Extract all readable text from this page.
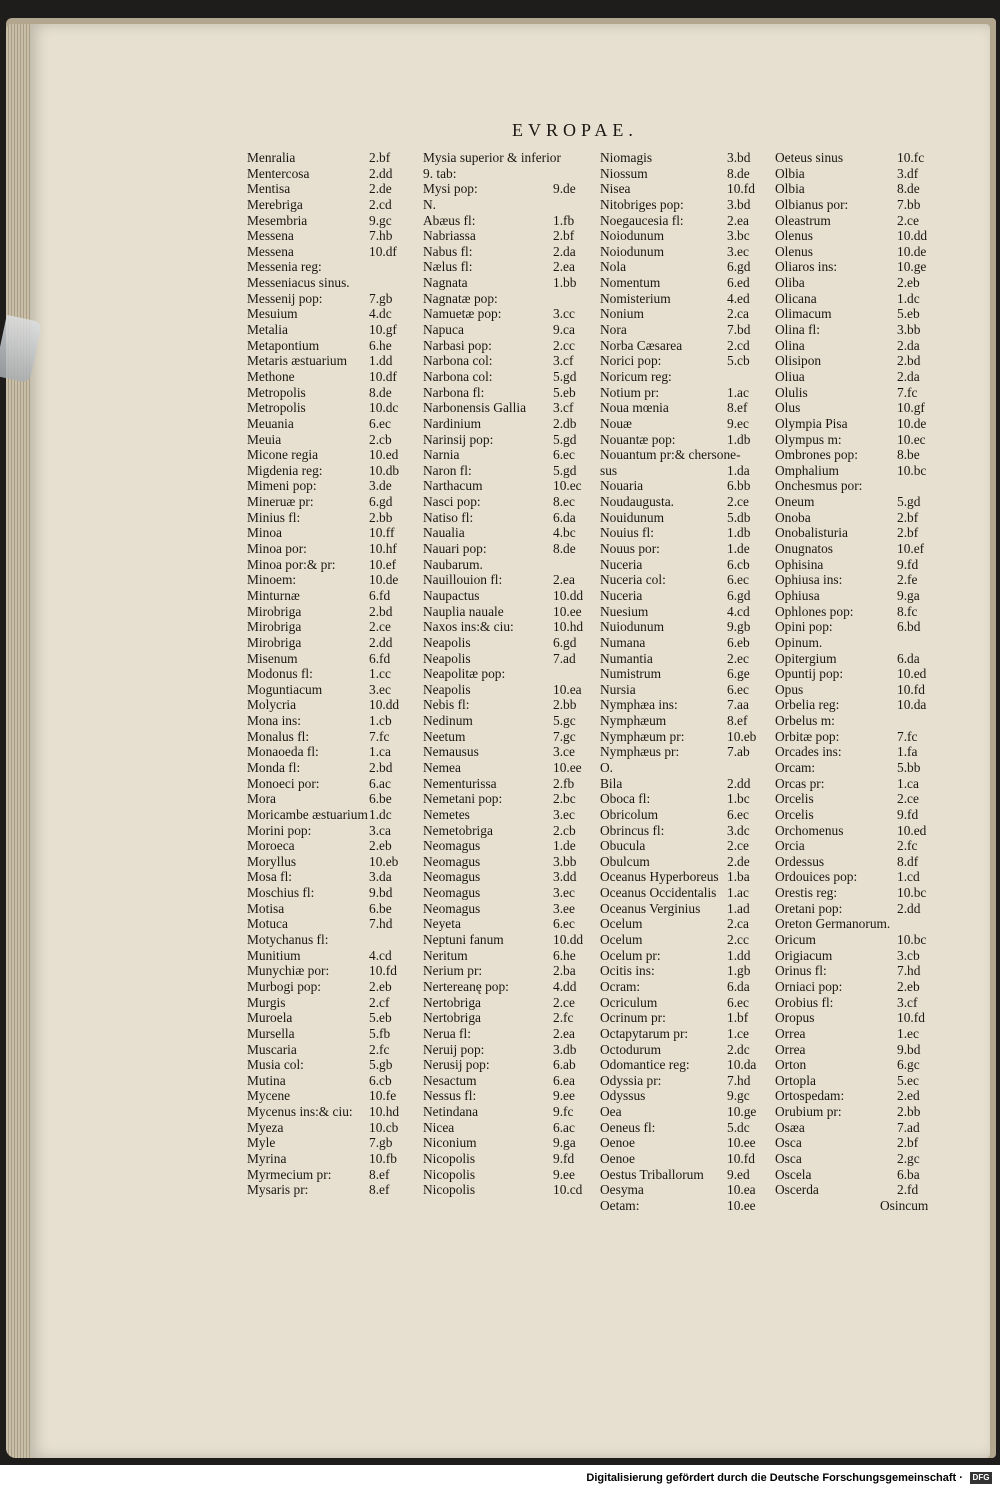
EVROPAE.
Menralia	2.bf
Mentercosa	2.dd
Mentisa	2.de
Merebriga	2.cd
Mesembria	9.gc
Messena	7.hb
Messena	10.df
Messenia reg:
Messeniacus sinus.
Messenij pop:	7.gb
Mesuium	4.dc
Metalia	10.gf
Metapontium	6.he
Metaris æstuarium 1.dd
Methone	10.df
Metropolis	8.de
Metropolis	10.dc
Meuania	6.ec
Meuia	2.cb
Micone regia	10.ed
Migdenia reg:	10.db
Mimeni pop:	3.de
Mineruæ pr:	6.gd
Minius fl:	2.bb
Minoa	10.ff
Minoa por:	10.hf
Minoa por:& pr: 10.ef
Minoem:	10.de
Minturnæ	6.fd
Mirobriga	2.bd
Mirobriga	2.ce
Mirobriga	2.dd
Misenum	6.fd
Modonus fl:	1.cc
Moguntiacum	3.ec
Molycria	10.dd
Mona ins:	1.cb
Monalus fl:	7.fc
Monaoeda fl:	1.ca
Monda fl:	2.bd
Monoeci por:	6.ac
Mora	6.be
Moricambe æstuarium 1.dc
Morini pop:	3.ca
Moroeca	2.eb
Moryllus	10.eb
Mosa fl:	3.da
Moschius fl:	9.bd
Motisa	6.be
Motuca	7.hd
Motychanus fl:
Munitium	4.cd
Munychiæ por:	10.fd
Murbogi pop:	2.eb
Murgis	2.cf
Muroela	5.eb
Mursella	5.fb
Muscaria	2.fc
Musia col:	5.gb
Mutina	6.cb
Mycene	10.fe
Mycenus ins:& ciu: 10.hd
Myeza	10.cb
Myle	7.gb
Myrina	10.fb
Myrmecium pr:	8.ef
Mysaris pr:	8.ef
Mysia superior & inferior
9. tab:
Mysi pop:	9.de
N.
Abæus fl:	1.fb
Nabriassa	2.bf
Nabus fl:	2.da
Nælus fl:	2.ea
Nagnata	1.bb
Nagnatæ pop:
Namuetæ pop:	3.cc
Napuca	9.ca
Narbasi pop:	2.cc
Narbona col:	3.cf
Narbona col:	5.gd
Narbona fl:	5.eb
Narbonensis Gallia 3.cf
Nardinium	2.db
Narinsij pop:	5.gd
Narnia	6.ec
Naron fl:	5.gd
Narthacum	10.ec
Nasci pop:	8.ec
Natiso fl:	6.da
Naualia	4.bc
Nauari pop:	8.de
Naubarum.
Nauillouion fl:	2.ea
Naupactus	10.dd
Nauplia nauale	10.ee
Naxos ins:& ciu:	10.hd
Neapolis	6.gd
Neapolis	7.ad
Neapolitæ pop:
Neapolis	10.ea
Nebis fl:	2.bb
Nedinum	5.gc
Neetum	7.gc
Nemausus	3.ce
Nemea	10.ee
Nementurissa	2.fb
Nemetani pop:	2.bc
Nemetes	3.ec
Nemetobriga	2.cb
Neomagus	1.de
Neomagus	3.bb
Neomagus	3.dd
Neomagus	3.ec
Neomagus	3.ee
Neyeta	6.ec
Neptuni fanum	10.dd
Neritum	6.he
Nerium pr:	2.ba
Nertereanę pop:	4.dd
Nertobriga	2.ce
Nertobriga	2.fc
Nerua fl:	2.ea
Neruij pop:	3.db
Nerusij pop:	6.ab
Nesactum	6.ea
Nessus fl:	9.ee
Netindana	9.fc
Nicea	6.ac
Niconium	9.ga
Nicopolis	9.fd
Nicopolis	9.ee
Nicopolis	10.cd
Niomagis	3.bd
Niossum	8.de
Nisea	10.fd
Nitobriges pop:	3.bd
Noegaucesia fl:	2.ea
Noiodunum	3.bc
Noiodunum	3.ec
Nola	6.gd
Nomentum	6.ed
Nomisterium	4.ed
Nonium	2.ca
Nora	7.bd
Norba Cæsarea	2.cd
Norici pop:	5.cb
Noricum reg:
Notium pr:	1.ac
Noua mœnia	8.ef
Nouæ	9.ec
Nouantæ pop:	1.db
Nouantum pr:& chersone-
sus	1.da
Nouaria	6.bb
Noudaugusta.	2.ce
Nouidunum	5.db
Nouius fl:	1.db
Nouus por:	1.de
Nuceria	6.cb
Nuceria col:	6.ec
Nuceria	6.gd
Nuesium	4.cd
Nuiodunum	9.gb
Numana	6.eb
Numantia	2.ec
Numistrum	6.ge
Nursia	6.ec
Nymphæa ins:	7.aa
Nymphæum	8.ef
Nymphæum pr:	10.eb
Nymphæus pr:	7.ab
O.
Bila	2.dd
Oboca fl:	1.bc
Obricolum	6.ec
Obrincus fl:	3.dc
Obucula	2.ce
Obulcum	2.de
Oceanus Hyperboreus 1.ba
Oceanus Occidentalis 1.ac
Oceanus Verginius 1.ad
Ocelum	2.ca
Ocelum	2.cc
Ocelum pr:	1.dd
Ocitis ins:	1.gb
Ocram:	6.da
Ocriculum	6.ec
Ocrinum pr:	1.bf
Octapytarum pr:	1.ce
Octodurum	2.dc
Odomantice reg:	10.da
Odyssia pr:	7.hd
Odyssus	9.gc
Oea	10.ge
Oeneus fl:	5.dc
Oenoe	10.ee
Oenoe	10.fd
Oestus Triballorum 9.ed
Oesyma	10.ea
Oetam:	10.ee
Oeteus sinus	10.fc
Olbia	3.df
Olbia	8.de
Olbianus por:	7.bb
Oleastrum	2.ce
Olenus	10.dd
Olenus	10.de
Oliaros ins:	10.ge
Oliba	2.eb
Olicana	1.dc
Olimacum	5.eb
Olina fl:	3.bb
Olina	2.da
Olisipon	2.bd
Oliua	2.da
Olulis	7.fc
Olus	10.gf
Olympia Pisa	10.de
Olympus m:	10.ec
Ombrones pop:	8.be
Omphalium	10.bc
Onchesmus por:
Oneum	5.gd
Onoba	2.bf
Onobalisturia	2.bf
Onugnatos	10.ef
Ophisina	9.fd
Ophiusa ins:	2.fe
Ophiusa	9.ga
Ophlones pop:	8.fc
Opini pop:	6.bd
Opinum.
Opitergium	6.da
Opuntij pop:	10.ed
Opus	10.fd
Orbelia reg:	10.da
Orbelus m:
Orbitæ pop:	7.fc
Orcades ins:	1.fa
Orcam:	5.bb
Orcas pr:	1.ca
Orcelis	2.ce
Orcelis	9.fd
Orchomenus	10.ed
Orcia	2.fc
Ordessus	8.df
Ordouices pop:	1.cd
Orestis reg:	10.bc
Oretani pop:	2.dd
Oreton Germanorum.
Oricum	10.bc
Origiacum	3.cb
Orinus fl:	7.hd
Orniaci pop:	2.eb
Orobius fl:	3.cf
Oropus	10.fd
Orrea	1.ec
Orrea	9.bd
Orton	6.gc
Ortopla	5.ec
Ortospedam:	2.ed
Orubium pr:	2.bb
Osæa	7.ad
Osca	2.bf
Osca	2.gc
Oscela	6.ba
Oscerda	2.fd
Osincum
Digitalisierung gefördert durch die Deutsche Forschungsgemeinschaft · DFG
